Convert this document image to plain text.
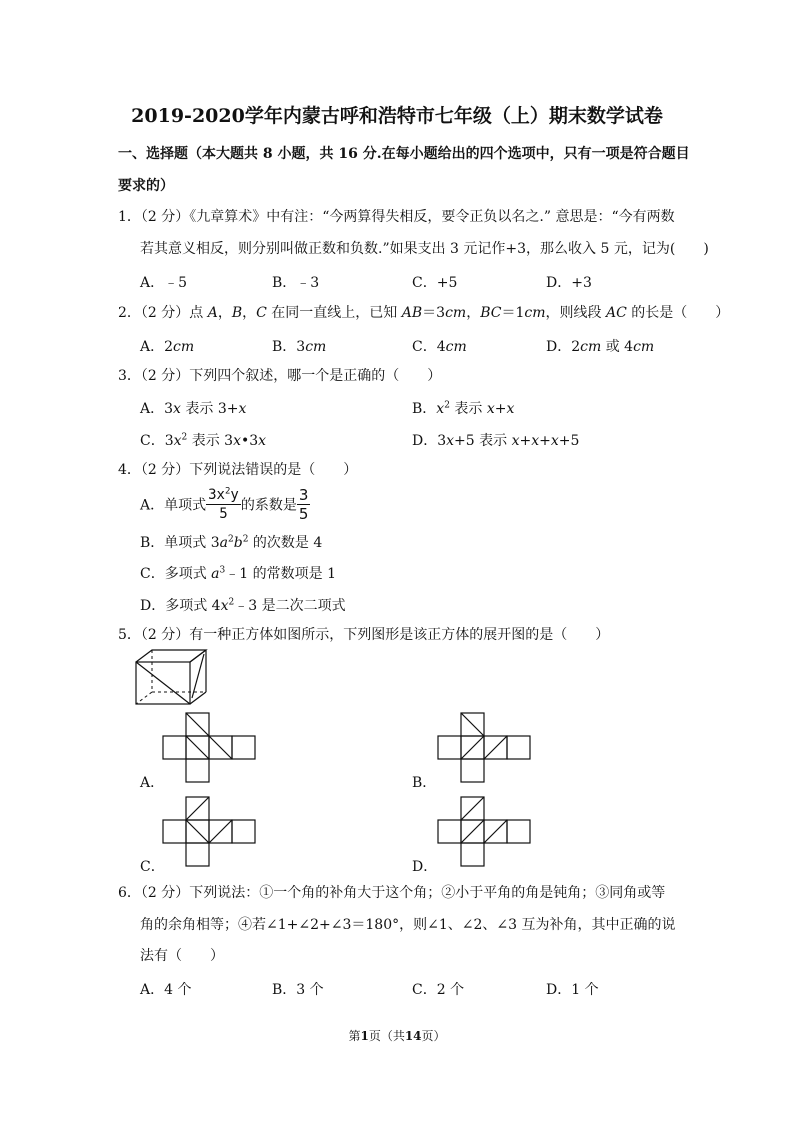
2019-2020学年内蒙古呼和浩特市七年级（上）期末数学试卷
一、选择题（本大题共 8 小题，共 16 分.在每小题给出的四个选项中，只有一项是符合题目
要求的）
1．（2 分）《九章算术》中有注：“今两算得失相反，要令正负以名之.” 意思是：“今有两数
若其意义相反，则分别叫做正数和负数.”如果支出 3 元记作+3，那么收入 5 元，记为(　　)
A．﹣5	B．﹣3	C．+5	D．+3
2．（2 分）点 A，B，C 在同一直线上，已知 AB＝3cm，BC＝1cm，则线段 AC 的长是（　　）
A．2cm	B．3cm	C．4cm	D．2cm 或 4cm
3．（2 分）下列四个叙述，哪一个是正确的（　　）
A．3x 表示 3+x	B．$x^2$ 表示 x+x
C．$3x^2$ 表示 3x•3x	D．3x+5 表示 x+x+x+5
4．（2 分）下列说法错误的是（　　）
A．单项式 $\frac{3x^2y}{5}$ 的系数是 $\frac{3}{5}$
B．单项式 $3a^2b^2$ 的次数是 4
C．多项式 $a^3﹣1$ 的常数项是 1
D．多项式 $4x^2﹣3$ 是二次二项式
5．（2 分）有一种正方体如图所示，下列图形是该正方体的展开图的是（　　）
A．	B．
C．	D．
6．（2 分）下列说法：①一个角的补角大于这个角；②小于平角的角是钝角；③同角或等
角的余角相等；④若∠1+∠2+∠3＝180°，则∠1、∠2、∠3 互为补角，其中正确的说
法有（　　）
A．4 个	B．3 个	C．2 个	D．1 个
第1页（共14页）
